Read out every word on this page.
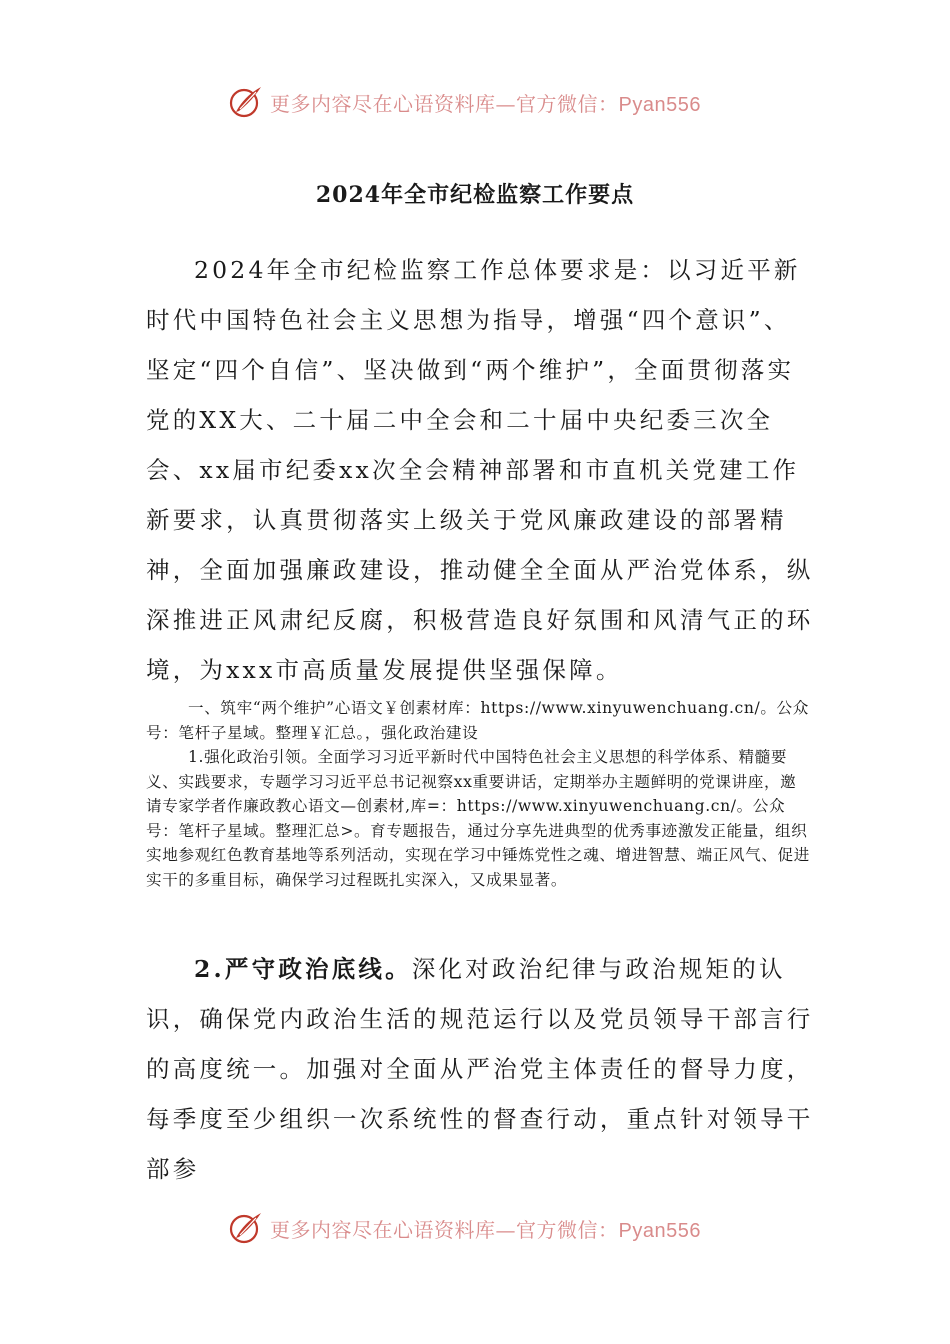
更多内容尽在心语资料库—官方微信：Pyan556
2024年全市纪检监察工作要点

2024年全市纪检监察工作总体要求是：以习近平新时代中国特色社会主义思想为指导，增强“四个意识”、坚定“四个自信”、坚决做到“两个维护”，全面贯彻落实党的XX大、二十届二中全会和二十届中央纪委三次全会、xx届市纪委xx次全会精神部署和市直机关党建工作新要求，认真贯彻落实上级关于党风廉政建设的部署精神，全面加强廉政建设，推动健全全面从严治党体系，纵深推进正风肃纪反腐，积极营造良好氛围和风清气正的环境，为xxx市高质量发展提供坚强保障。

一、筑牢“两个维护”心语文￥创素材库：https://www.xinyuwenchuang.cn/。公众号：笔杆子星域。整理￥汇总。，强化政治建设

1.强化政治引领。全面学习习近平新时代中国特色社会主义思想的科学体系、精髓要义、实践要求，专题学习习近平总书记视察xx重要讲话，定期举办主题鲜明的党课讲座，邀请专家学者作廉政教心语文—创素材,库=：https://www.xinyuwenchuang.cn/。公众号：笔杆子星域。整理汇总>。育专题报告，通过分享先进典型的优秀事迹激发正能量，组织实地参观红色教育基地等系列活动，实现在学习中锤炼党性之魂、增进智慧、端正风气、促进实干的多重目标，确保学习过程既扎实深入，又成果显著。

2.严守政治底线。深化对政治纪律与政治规矩的认识，确保党内政治生活的规范运行以及党员领导干部言行的高度统一。加强对全面从严治党主体责任的督导力度，每季度至少组织一次系统性的督查行动，重点针对领导干部参

更多内容尽在心语资料库—官方微信：Pyan556
